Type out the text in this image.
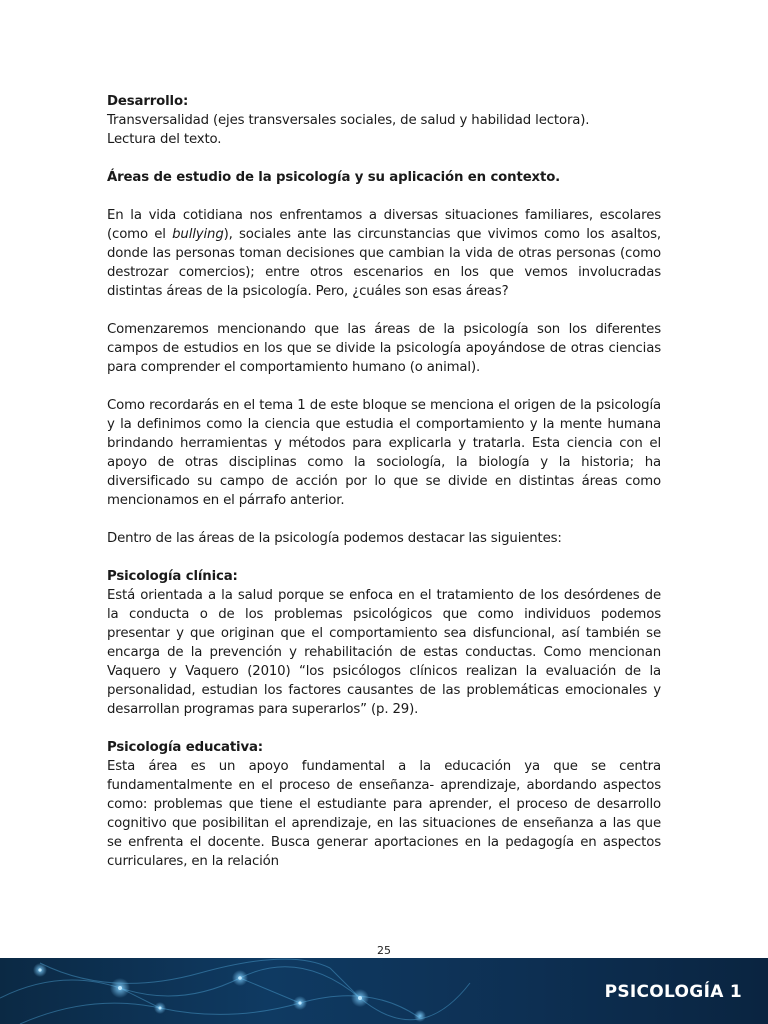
Desarrollo:
Transversalidad (ejes transversales sociales, de salud y habilidad lectora).
Lectura del texto.

Áreas de estudio de la psicología y su aplicación en contexto.

En la vida cotidiana nos enfrentamos a diversas situaciones familiares, escolares (como el bullying), sociales ante las circunstancias que vivimos como los asaltos, donde las personas toman decisiones que cambian la vida de otras personas (como destrozar comercios); entre otros escenarios en los que vemos involucradas distintas áreas de la psicología. Pero, ¿cuáles son esas áreas?

Comenzaremos mencionando que las áreas de la psicología son los diferentes campos de estudios en los que se divide la psicología apoyándose de otras ciencias para comprender el comportamiento humano (o animal).

Como recordarás en el tema 1 de este bloque se menciona el origen de la psicología y la definimos como la ciencia que estudia el comportamiento y la mente humana brindando herramientas y métodos para explicarla y tratarla. Esta ciencia con el apoyo de otras disciplinas como la sociología, la biología y la historia; ha diversificado su campo de acción por lo que se divide en distintas áreas como mencionamos en el párrafo anterior.

Dentro de las áreas de la psicología podemos destacar las siguientes:

Psicología clínica:
Está orientada a la salud porque se enfoca en el tratamiento de los desórdenes de la conducta o de los problemas psicológicos que como individuos podemos presentar y que originan que el comportamiento sea disfuncional, así también se encarga de la prevención y rehabilitación de estas conductas. Como mencionan Vaquero y Vaquero (2010) “los psicólogos clínicos realizan la evaluación de la personalidad, estudian los factores causantes de las problemáticas emocionales y desarrollan programas para superarlos” (p. 29).

Psicología educativa:
Esta área es un apoyo fundamental a la educación ya que se centra fundamentalmente en el proceso de enseñanza- aprendizaje, abordando aspectos como: problemas que tiene el estudiante para aprender, el proceso de desarrollo cognitivo que posibilitan el aprendizaje, en las situaciones de enseñanza a las que se enfrenta el docente. Busca generar aportaciones en la pedagogía en aspectos curriculares, en la relación

25
PSICOLOGÍA 1
